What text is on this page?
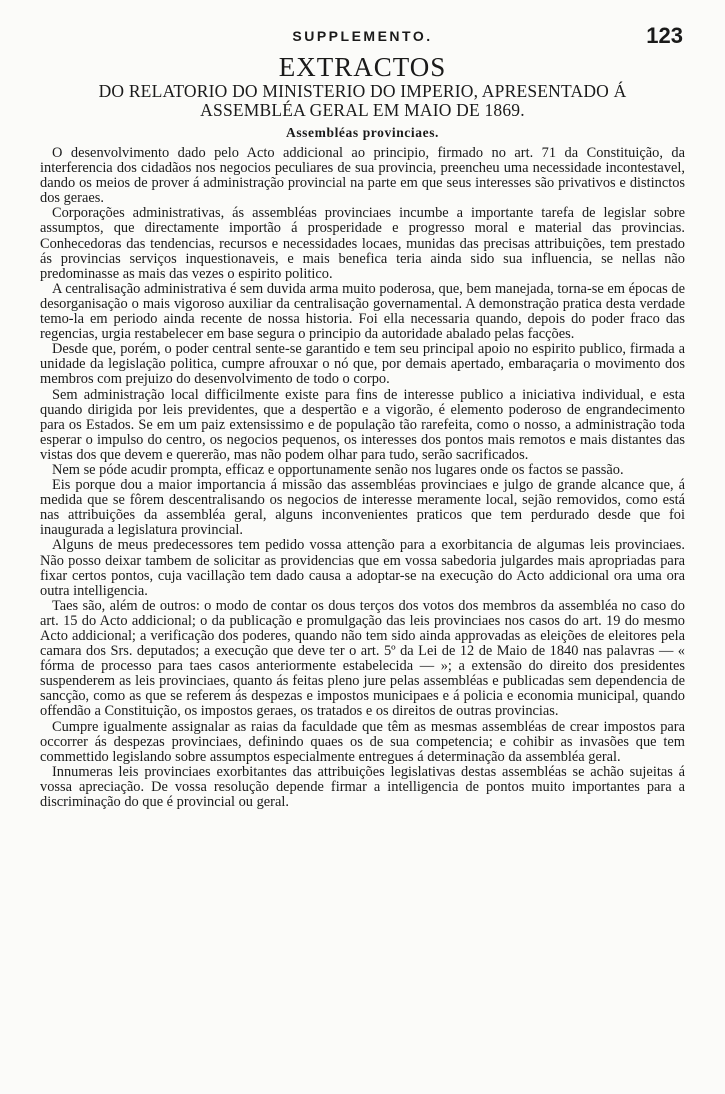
SUPPLEMENTO.	123
EXTRACTOS
DO RELATORIO DO MINISTERIO DO IMPERIO, APRESENTADO Á
ASSEMBLÉA GERAL EM MAIO DE 1869.
Assembléas provinciaes.

O desenvolvimento dado pelo Acto addicional ao principio, firmado no art. 71 da Constituição, da interferencia dos cidadãos nos negocios peculiares de sua provincia, preencheu uma necessidade incontestavel, dando os meios de prover á administração provincial na parte em que seus interesses são privativos e distinctos dos geraes.

Corporações administrativas, ás assembléas provinciaes incumbe a importante tarefa de legislar sobre assumptos, que directamente importão á prosperidade e progresso moral e material das provincias. Conhecedoras das tendencias, recursos e necessidades locaes, munidas das precisas attribuições, tem prestado ás provincias serviços inquestionaveis, e mais benefica teria ainda sido sua influencia, se nellas não predominasse as mais das vezes o espirito politico.

A centralisação administrativa é sem duvida arma muito poderosa, que, bem manejada, torna-se em épocas de desorganisação o mais vigoroso auxiliar da centralisação governamental. A demonstração pratica desta verdade temo-la em periodo ainda recente de nossa historia. Foi ella necessaria quando, depois do poder fraco das regencias, urgia restabelecer em base segura o principio da autoridade abalado pelas facções.

Desde que, porém, o poder central sente-se garantido e tem seu principal apoio no espirito publico, firmada a unidade da legislação politica, cumpre afrouxar o nó que, por demais apertado, embaraçaria o movimento dos membros com prejuizo do desenvolvimento de todo o corpo.

Sem administração local difficilmente existe para fins de interesse publico a iniciativa individual, e esta quando dirigida por leis previdentes, que a despertão e a vigorão, é elemento poderoso de engrandecimento para os Estados. Se em um paiz extensissimo e de população tão rarefeita, como o nosso, a administração toda esperar o impulso do centro, os negocios pequenos, os interesses dos pontos mais remotos e mais distantes das vistas dos que devem e quererão, mas não podem olhar para tudo, serão sacrificados.

Nem se póde acudir prompta, efficaz e opportunamente senão nos lugares onde os factos se passão.

Eis porque dou a maior importancia á missão das assembléas provinciaes e julgo de grande alcance que, á medida que se fôrem descentralisando os negocios de interesse meramente local, sejão removidos, como está nas attribuições da assembléa geral, alguns inconvenientes praticos que tem perdurado desde que foi inaugurada a legislatura provincial.

Alguns de meus predecessores tem pedido vossa attenção para a exorbitancia de algumas leis provinciaes. Não posso deixar tambem de solicitar as providencias que em vossa sabedoria julgardes mais apropriadas para fixar certos pontos, cuja vacillação tem dado causa a adoptar-se na execução do Acto addicional ora uma ora outra intelligencia.

Taes são, além de outros: o modo de contar os dous terços dos votos dos membros da assembléa no caso do art. 15 do Acto addicional; o da publicação e promulgação das leis provinciaes nos casos do art. 19 do mesmo Acto addicional; a verificação dos poderes, quando não tem sido ainda approvadas as eleições de eleitores pela camara dos Srs. deputados; a execução que deve ter o art. 5º da Lei de 12 de Maio de 1840 nas palavras — « fórma de processo para taes casos anteriormente estabelecida — »; a extensão do direito dos presidentes suspenderem as leis provinciaes, quanto ás feitas pleno jure pelas assembléas e publicadas sem dependencia de sancção, como as que se referem ás despezas e impostos municipaes e á policia e economia municipal, quando offendão a Constituição, os impostos geraes, os tratados e os direitos de outras provincias.

Cumpre igualmente assignalar as raias da faculdade que têm as mesmas assembléas de crear impostos para occorrer ás despezas provinciaes, definindo quaes os de sua competencia; e cohibir as invasões que tem commettido legislando sobre assumptos especialmente entregues á determinação da assembléa geral.

Innumeras leis provinciaes exorbitantes das attribuições legislativas destas assembléas se achão sujeitas á vossa apreciação. De vossa resolução depende firmar a intelligencia de pontos muito importantes para a discriminação do que é provincial ou geral.
